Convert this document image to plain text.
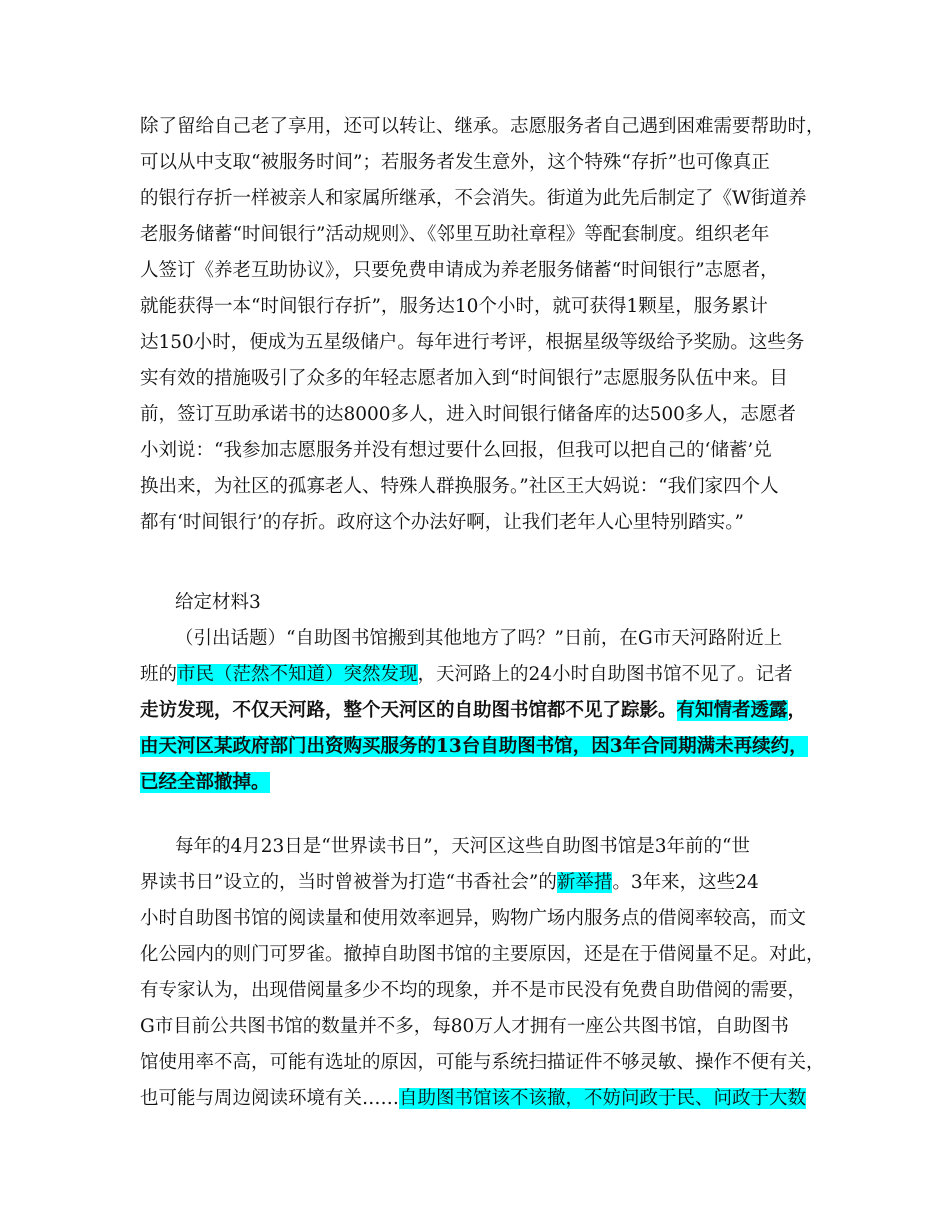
除了留给自己老了享用，还可以转让、继承。志愿服务者自己遇到困难需要帮助时，
可以从中支取“被服务时间”；若服务者发生意外，这个特殊“存折”也可像真正
的银行存折一样被亲人和家属所继承，不会消失。街道为此先后制定了《W街道养
老服务储蓄“时间银行”活动规则》、《邻里互助社章程》等配套制度。组织老年
人签订《养老互助协议》，只要免费申请成为养老服务储蓄“时间银行”志愿者，
就能获得一本“时间银行存折”，服务达10个小时，就可获得1颗星，服务累计
达150小时，便成为五星级储户。每年进行考评，根据星级等级给予奖励。这些务
实有效的措施吸引了众多的年轻志愿者加入到“时间银行”志愿服务队伍中来。目
前，签订互助承诺书的达8000多人，进入时间银行储备库的达500多人，志愿者
小刘说：“我参加志愿服务并没有想过要什么回报，但我可以把自己的‘储蓄’兑
换出来，为社区的孤寡老人、特殊人群换服务。”社区王大妈说：“我们家四个人
都有‘时间银行’的存折。政府这个办法好啊，让我们老年人心里特别踏实。”
给定材料3
（引出话题）“自助图书馆搬到其他地方了吗？”日前，在G市天河路附近上
班的市民（茫然不知道）突然发现，天河路上的24小时自助图书馆不见了。记者
走访发现，不仅天河路，整个天河区的自助图书馆都不见了踪影。有知情者透露，
由天河区某政府部门出资购买服务的13台自助图书馆，因3年合同期满未再续约，
已经全部撤掉。
每年的4月23日是“世界读书日”，天河区这些自助图书馆是3年前的“世
界读书日”设立的，当时曾被誉为打造“书香社会”的新举措。3年来，这些24
小时自助图书馆的阅读量和使用效率迥异，购物广场内服务点的借阅率较高，而文
化公园内的则门可罗雀。撤掉自助图书馆的主要原因，还是在于借阅量不足。对此，
有专家认为，出现借阅量多少不均的现象，并不是市民没有免费自助借阅的需要，
G市目前公共图书馆的数量并不多，每80万人才拥有一座公共图书馆，自助图书
馆使用率不高，可能有选址的原因，可能与系统扫描证件不够灵敏、操作不便有关，
也可能与周边阅读环境有关……自助图书馆该不该撤，不妨问政于民、问政于大数
